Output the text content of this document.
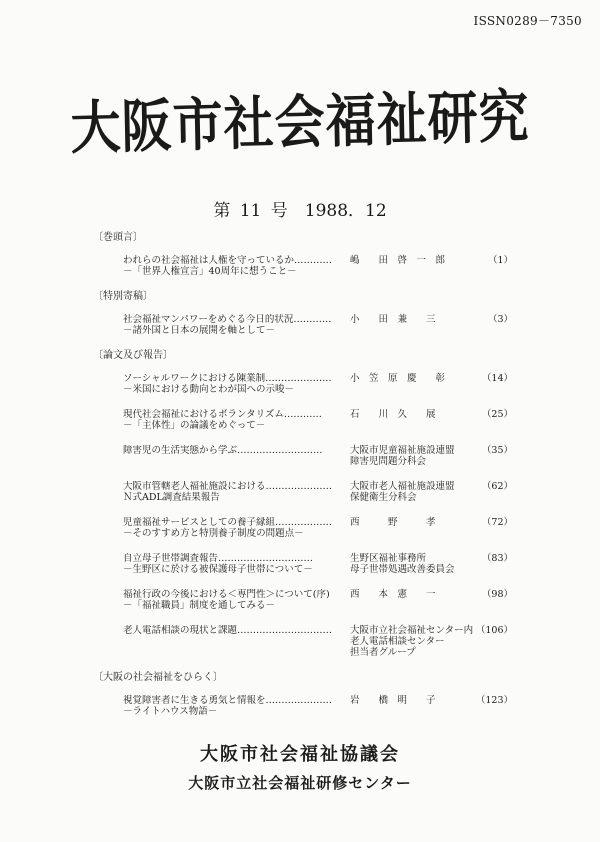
ISSN0289－7350
大阪市社会福祉研究
第 11 号　1988．12
〔巻頭言〕
われらの社会福祉は人権を守っているか…………
－「世界人権宣言」40周年に想うこと－
嶋　　田　啓　一　郎	（1）
〔特別寄稿〕
社会福祉マンパワーをめぐる今日的状況…………
－諸外国と日本の展開を軸として－
小　　田　兼　　三	（3）
〔論文及び報告〕
ソーシャルワークにおける陳業制…………………
－米国における動向とわが国への示唆－
小　笠　原　慶　　彰	（14）
現代社会福祉におけるボランタリズム…………
－「主体性」の論議をめぐって－
石　　川　久　　展	（25）
障害児の生活実態から学ぶ………………………	大阪市児童福祉施設連盟
障害児問題分科会
（35）
大阪市管轄老人福祉施設における…………………
Ｎ式ADL調査結果報告
大阪市老人福祉施設連盟
保健衛生分科会
（62）
児童福祉サービスとしての養子縁組………………
－そのすすめ方と特別養子制度の問題点－
西　　　野　　　孝	（72）
自立母子世帯調査報告…………………………
－生野区に於ける被保護母子世帯について－
生野区福祉事務所
母子世帯処遇改善委員会
（83）
福祉行政の今後における＜専門性＞について(序)
－「福祉職員」制度を通してみる－
西　　本　憲　　一	（98）
老人電話相談の現状と課題…………………………	大阪市立社会福祉センター内
老人電話相談センター
担当者グループ
（106）
〔大阪の社会福祉をひらく〕
視覚障害者に生きる勇気と情報を…………………
－ライトハウス物語－
岩　　橋　明　　子	（123）
大阪市社会福祉協議会
大阪市立社会福祉研修センター
